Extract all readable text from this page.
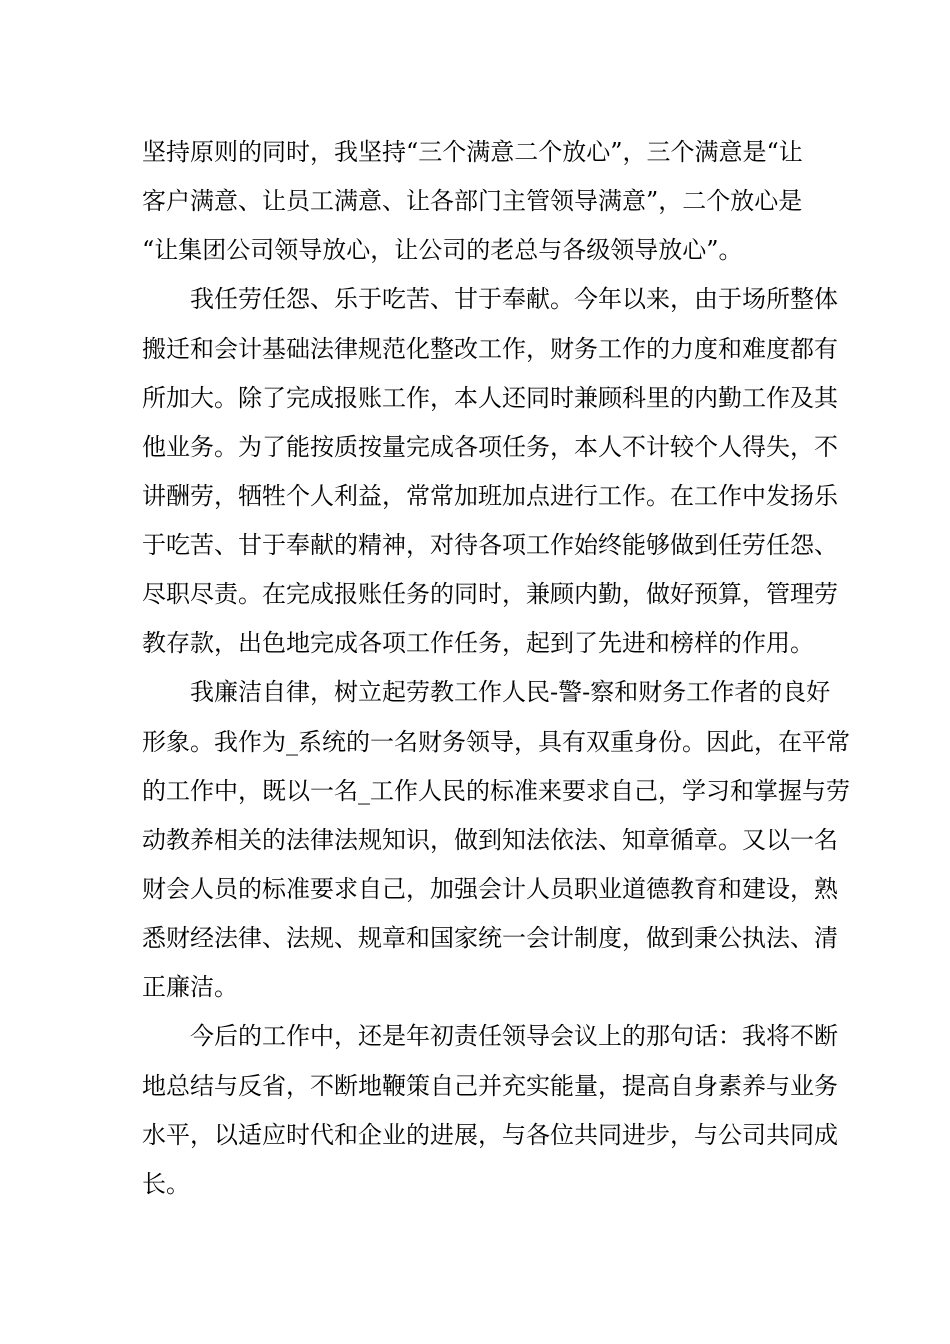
坚持原则的同时，我坚持“三个满意二个放心”，三个满意是“让

客户满意、让员工满意、让各部门主管领导满意”，二个放心是

“让集团公司领导放心，让公司的老总与各级领导放心”。

我任劳任怨、乐于吃苦、甘于奉献。今年以来，由于场所整体

搬迁和会计基础法律规范化整改工作，财务工作的力度和难度都有

所加大。除了完成报账工作，本人还同时兼顾科里的内勤工作及其

他业务。为了能按质按量完成各项任务，本人不计较个人得失，不

讲酬劳，牺牲个人利益，常常加班加点进行工作。在工作中发扬乐

于吃苦、甘于奉献的精神，对待各项工作始终能够做到任劳任怨、

尽职尽责。在完成报账任务的同时，兼顾内勤，做好预算，管理劳

教存款，出色地完成各项工作任务，起到了先进和榜样的作用。

我廉洁自律，树立起劳教工作人民-警-察和财务工作者的良好

形象。我作为_系统的一名财务领导，具有双重身份。因此，在平常

的工作中，既以一名_工作人民的标准来要求自己，学习和掌握与劳

动教养相关的法律法规知识，做到知法依法、知章循章。又以一名

财会人员的标准要求自己，加强会计人员职业道德教育和建设，熟

悉财经法律、法规、规章和国家统一会计制度，做到秉公执法、清

正廉洁。

今后的工作中，还是年初责任领导会议上的那句话：我将不断

地总结与反省，不断地鞭策自己并充实能量，提高自身素养与业务

水平，以适应时代和企业的进展，与各位共同进步，与公司共同成

长。
